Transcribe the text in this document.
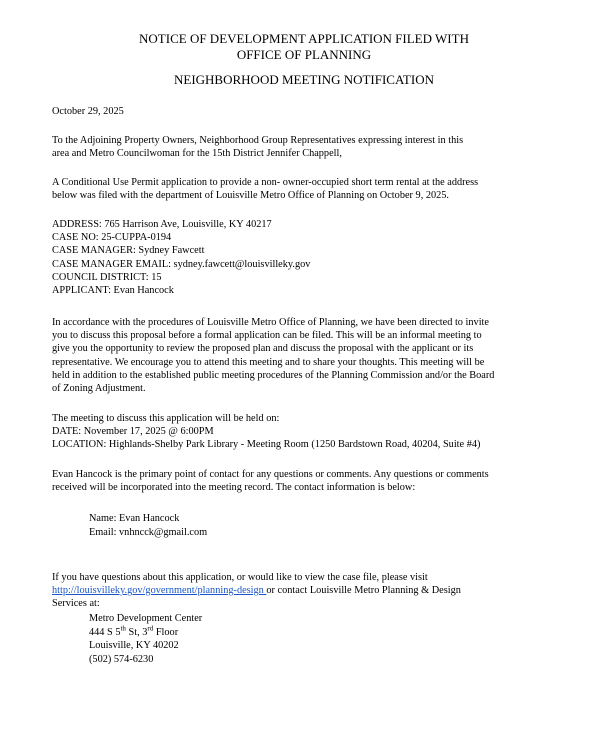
NOTICE OF DEVELOPMENT APPLICATION FILED WITH
OFFICE OF PLANNING
NEIGHBORHOOD MEETING NOTIFICATION

October 29, 2025

To the Adjoining Property Owners, Neighborhood Group Representatives expressing interest in this
area and Metro Councilwoman for the 15th District Jennifer Chappell,

A Conditional Use Permit application to provide a non- owner-occupied short term rental at the address
below was filed with the department of Louisville Metro Office of Planning on October 9, 2025.

ADDRESS: 765 Harrison Ave, Louisville, KY 40217
CASE NO: 25-CUPPA-0194
CASE MANAGER: Sydney Fawcett
CASE MANAGER EMAIL: sydney.fawcett@louisvilleky.gov
COUNCIL DISTRICT: 15
APPLICANT: Evan Hancock

In accordance with the procedures of Louisville Metro Office of Planning, we have been directed to invite
you to discuss this proposal before a formal application can be filed. This will be an informal meeting to
give you the opportunity to review the proposed plan and discuss the proposal with the applicant or its
representative. We encourage you to attend this meeting and to share your thoughts. This meeting will be
held in addition to the established public meeting procedures of the Planning Commission and/or the Board
of Zoning Adjustment.

The meeting to discuss this application will be held on:
DATE: November 17, 2025 @ 6:00PM
LOCATION: Highlands-Shelby Park Library - Meeting Room (1250 Bardstown Road, 40204, Suite #4)

Evan Hancock is the primary point of contact for any questions or comments. Any questions or comments
received will be incorporated into the meeting record. The contact information is below:

Name: Evan Hancock
Email: vnhncck@gmail.com

If you have questions about this application, or would like to view the case file, please visit
http://louisvilleky.gov/government/planning-design or contact Louisville Metro Planning & Design
Services at:

Metro Development Center
444 S 5th St, 3rd Floor
Louisville, KY 40202
(502) 574-6230
